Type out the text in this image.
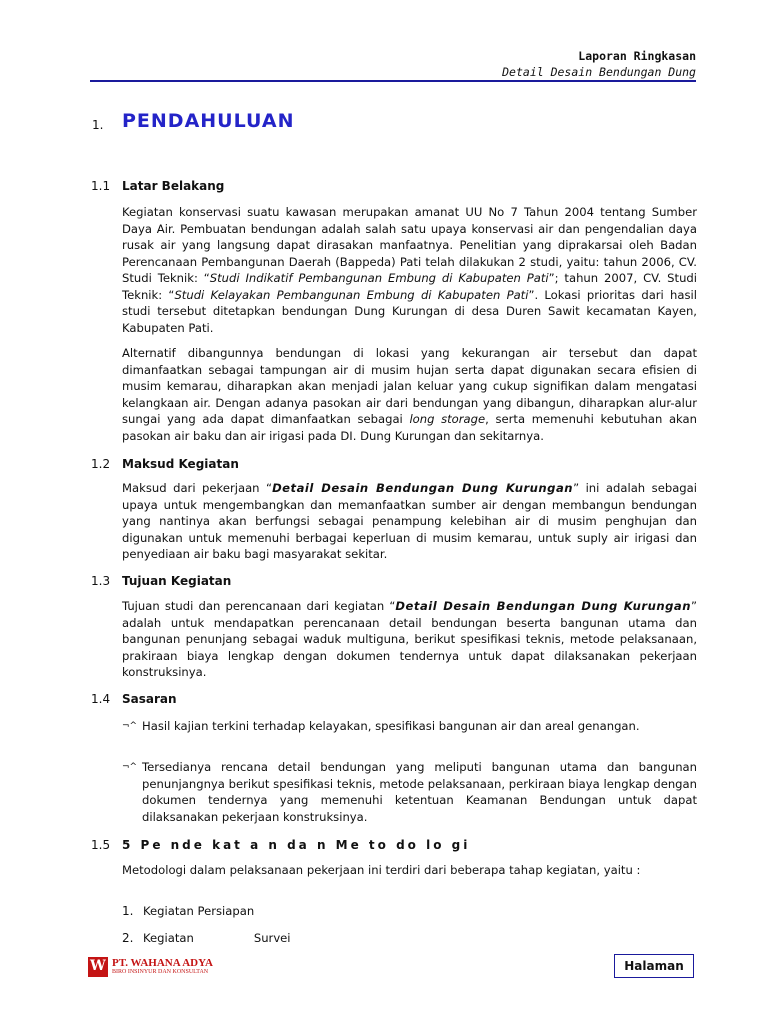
Laporan Ringkasan
Detail Desain Bendungan Dung
1. PENDAHULUAN
1.1 Latar Belakang
Kegiatan konservasi suatu kawasan merupakan amanat UU No 7 Tahun 2004 tentang Sumber Daya Air. Pembuatan bendungan adalah salah satu upaya konservasi air dan pengendalian daya rusak air yang langsung dapat dirasakan manfaatnya. Penelitian yang diprakarsai oleh Badan Perencanaan Pembangunan Daerah (Bappeda) Pati telah dilakukan 2 studi, yaitu: tahun 2006, CV. Studi Teknik: “Studi Indikatif Pembangunan Embung di Kabupaten Pati”; tahun 2007, CV. Studi Teknik: “Studi Kelayakan Pembangunan Embung di Kabupaten Pati”. Lokasi prioritas dari hasil studi tersebut ditetapkan bendungan Dung Kurungan di desa Duren Sawit kecamatan Kayen, Kabupaten Pati.
Alternatif dibangunnya bendungan di lokasi yang kekurangan air tersebut dan dapat dimanfaatkan sebagai tampungan air di musim hujan serta dapat digunakan secara efisien di musim kemarau, diharapkan akan menjadi jalan keluar yang cukup signifikan dalam mengatasi kelangkaan air. Dengan adanya pasokan air dari bendungan yang dibangun, diharapkan alur-alur sungai yang ada dapat dimanfaatkan sebagai long storage, serta memenuhi kebutuhan akan pasokan air baku dan air irigasi pada DI. Dung Kurungan dan sekitarnya.
1.2 Maksud Kegiatan
Maksud dari pekerjaan “Detail Desain Bendungan Dung Kurungan” ini adalah sebagai upaya untuk mengembangkan dan memanfaatkan sumber air dengan membangun bendungan yang nantinya akan berfungsi sebagai penampung kelebihan air di musim penghujan dan digunakan untuk memenuhi berbagai keperluan di musim kemarau, untuk suply air irigasi dan penyediaan air baku bagi masyarakat sekitar.
1.3 Tujuan Kegiatan
Tujuan studi dan perencanaan dari kegiatan “Detail Desain Bendungan Dung Kurungan” adalah untuk mendapatkan perencanaan detail bendungan beserta bangunan utama dan bangunan penunjang sebagai waduk multiguna, berikut spesifikasi teknis, metode pelaksanaan, prakiraan biaya lengkap dengan dokumen tendernya untuk dapat dilaksanakan pekerjaan konstruksinya.
1.4 Sasaran
¬^ Hasil kajian terkini terhadap kelayakan, spesifikasi bangunan air dan areal genangan.
¬^ Tersedianya rencana detail bendungan yang meliputi bangunan utama dan bangunan penunjangnya berikut spesifikasi teknis, metode pelaksanaan, perkiraan biaya lengkap dengan dokumen tendernya yang memenuhi ketentuan Keamanan Bendungan untuk dapat dilaksanakan pekerjaan konstruksinya.
1.5 5 Pe nde kat a n da n Me to do lo gi
Metodologi dalam pelaksanaan pekerjaan ini terdiri dari beberapa tahap kegiatan, yaitu :
1. Kegiatan Persiapan
2. Kegiatan	Survei
W
PT. WAHANA ADYA
BIRO INSINYUR DAN KONSULTAN	Halaman
